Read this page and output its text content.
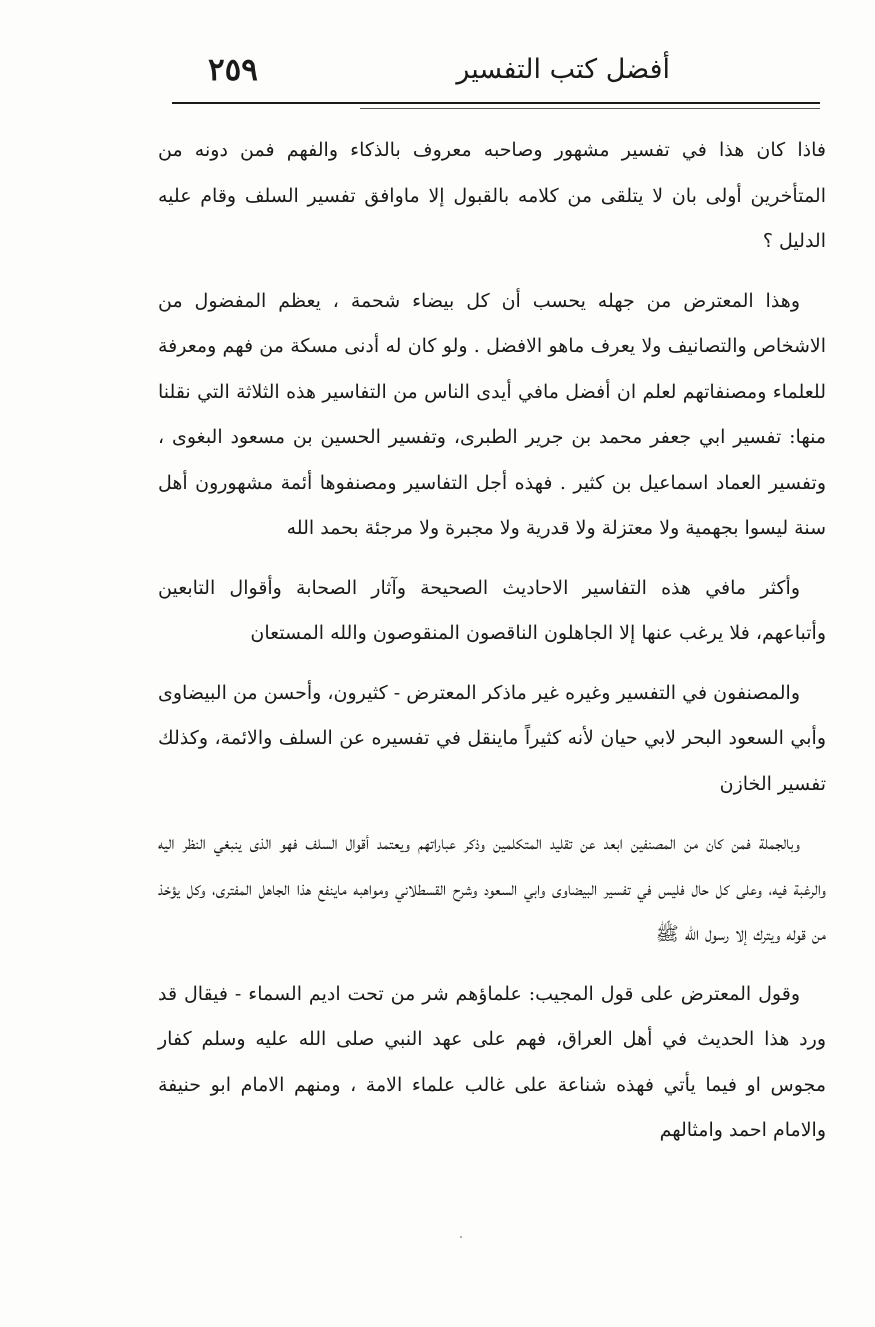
أفضل كتب التفسير
٢٥٩

فاذا كان هذا في تفسير مشهور وصاحبه معروف بالذكاء والفهم فمن دونه من المتأخرين أولى بان لا يتلقى من كلامه بالقبول إلا ماوافق تفسير السلف وقام عليه الدليل ؟

وهذا المعترض من جهله يحسب أن كل بيضاء شحمة ، يعظم المفضول من الاشخاص والتصانيف ولا يعرف ماهو الافضل . ولو كان له أدنى مسكة من فهم ومعرفة للعلماء ومصنفاتهم لعلم ان أفضل مافي أيدى الناس من التفاسير هذه الثلاثة التي نقلنا منها: تفسير ابي جعفر محمد بن جرير الطبرى، وتفسير الحسين بن مسعود البغوى ، وتفسير العماد اسماعيل بن كثير . فهذه أجل التفاسير ومصنفوها أئمة مشهورون أهل سنة ليسوا بجهمية ولا معتزلة ولا قدرية ولا مجبرة ولا مرجئة بحمد الله

وأكثر مافي هذه التفاسير الاحاديث الصحيحة وآثار الصحابة وأقوال التابعين وأتباعهم، فلا يرغب عنها إلا الجاهلون الناقصون المنقوصون والله المستعان

والمصنفون في التفسير وغيره غير ماذكر المعترض - كثيرون، وأحسن من البيضاوى وأبي السعود البحر لابي حيان لأنه كثيراً ماينقل في تفسيره عن السلف والائمة، وكذلك تفسير الخازن

وبالجملة فمن كان من المصنفين ابعد عن تقليد المتكلمين وذكر عباراتهم ويعتمد أقوال السلف فهو الذى ينبغي النظر اليه والرغبة فيه، وعلى كل حال فليس في تفسير البيضاوى وابي السعود وشرح القسطلاني ومواهبه ماينفع هذا الجاهل المفترى، وكل يؤخذ من قوله ويترك إلا رسول الله ﷺ

وقول المعترض على قول المجيب: علماؤهم شر من تحت اديم السماء - فيقال قد ورد هذا الحديث في أهل العراق، فهم على عهد النبي صلى الله عليه وسلم كفار مجوس او فيما يأتي فهذه شناعة على غالب علماء الامة ، ومنهم الامام ابو حنيفة والامام احمد وامثالهم
